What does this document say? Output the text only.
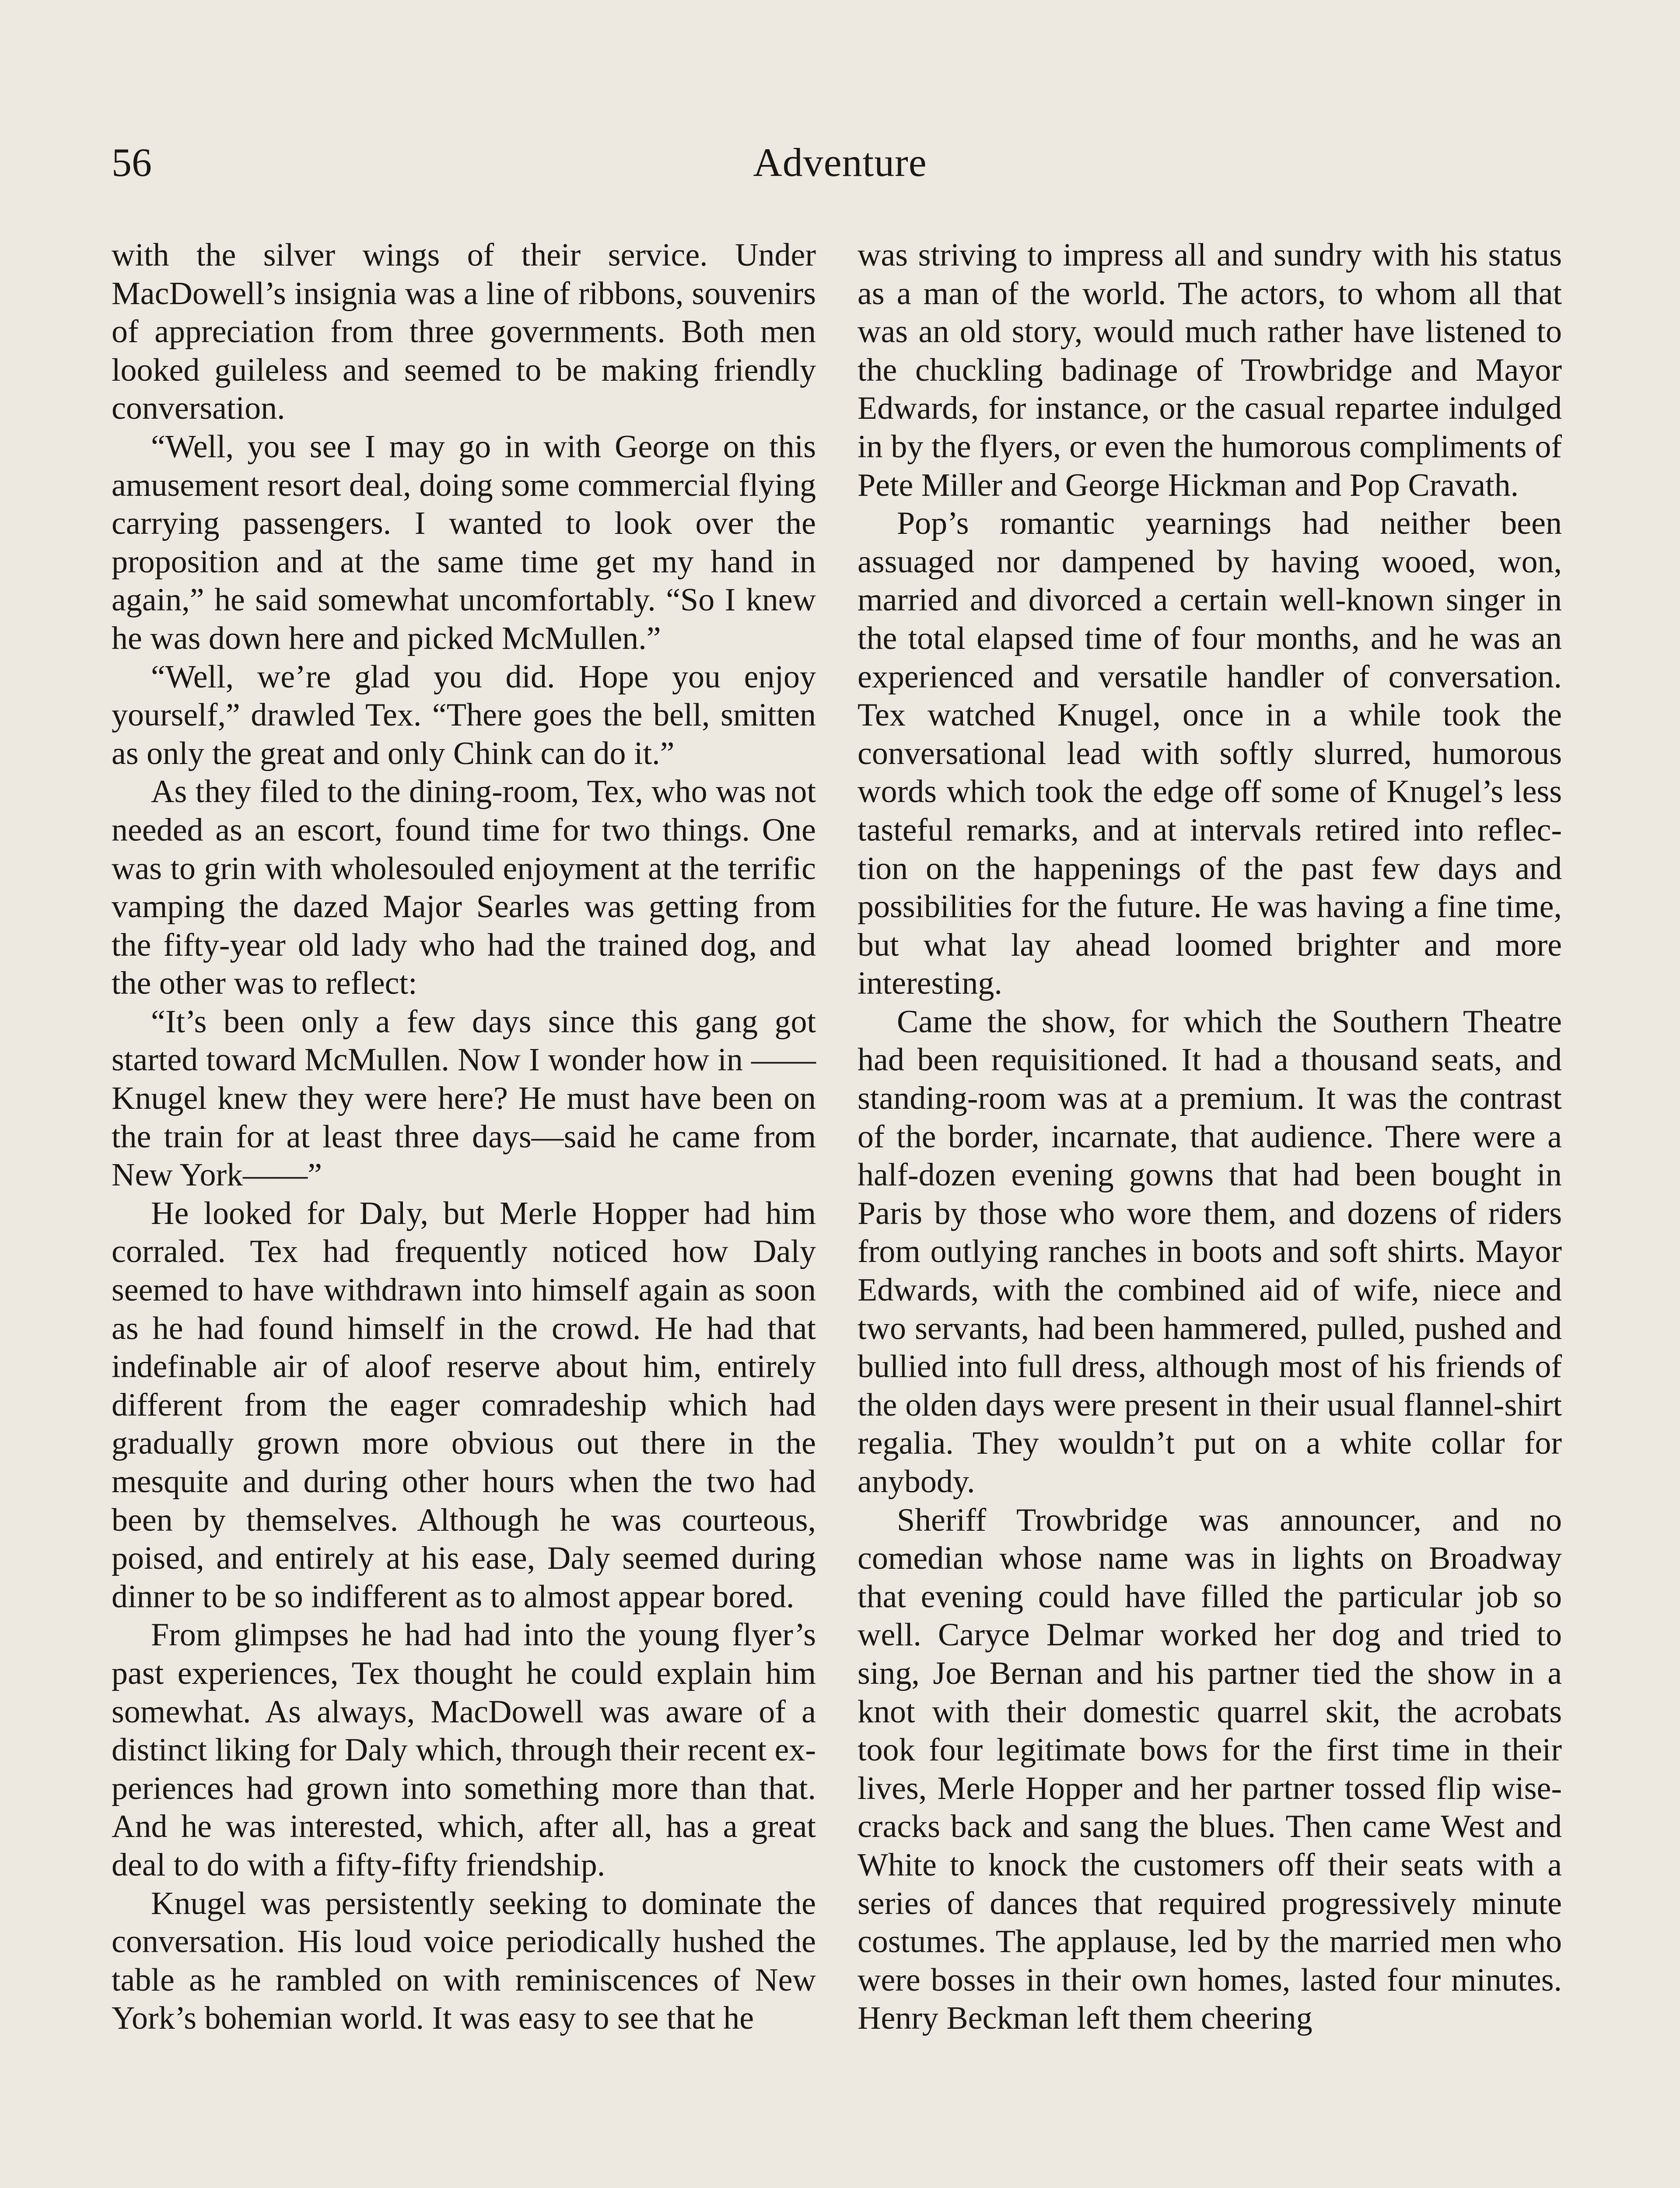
56	Adventure

with the silver wings of their service. Under MacDowell’s insignia was a line of ribbons, souvenirs of appreciation from three governments. Both men looked guileless and seemed to be making friendly conversation.

“Well, you see I may go in with George on this amusement resort deal, doing some commercial flying carrying passengers. I wanted to look over the proposition and at the same time get my hand in again,” he said somewhat uncomfortably. “So I knew he was down here and picked McMullen.”

“Well, we’re glad you did. Hope you enjoy yourself,” drawled Tex. “There goes the bell, smitten as only the great and only Chink can do it.”

As they filed to the dining-room, Tex, who was not needed as an escort, found time for two things. One was to grin with wholesouled enjoyment at the terrific vamping the dazed Major Searles was getting from the fifty-year old lady who had the trained dog, and the other was to reflect:

“It’s been only a few days since this gang got started toward McMullen. Now I wonder how in —— Knugel knew they were here? He must have been on the train for at least three days—said he came from New York——”

He looked for Daly, but Merle Hopper had him corraled. Tex had frequently noticed how Daly seemed to have withdrawn into himself again as soon as he had found himself in the crowd. He had that indefinable air of aloof reserve about him, entirely different from the eager comradeship which had gradually grown more obvious out there in the mesquite and during other hours when the two had been by themselves. Although he was courteous, poised, and entirely at his ease, Daly seemed during dinner to be so indifferent as to almost appear bored.

From glimpses he had had into the young flyer’s past experiences, Tex thought he could explain him somewhat. As always, MacDowell was aware of a distinct liking for Daly which, through their recent experiences had grown into something more than that. And he was interested, which, after all, has a great deal to do with a fifty-fifty friendship.

Knugel was persistently seeking to dominate the conversation. His loud voice periodically hushed the table as he rambled on with reminiscences of New York’s bohemian world. It was easy to see that he

was striving to impress all and sundry with his status as a man of the world. The actors, to whom all that was an old story, would much rather have listened to the chuckling badinage of Trowbridge and Mayor Edwards, for instance, or the casual repartee indulged in by the flyers, or even the humorous compliments of Pete Miller and George Hickman and Pop Cravath.

Pop’s romantic yearnings had neither been assuaged nor dampened by having wooed, won, married and divorced a certain well-known singer in the total elapsed time of four months, and he was an experienced and versatile handler of conversation. Tex watched Knugel, once in a while took the conversational lead with softly slurred, humorous words which took the edge off some of Knugel’s less tasteful remarks, and at intervals retired into reflection on the happenings of the past few days and possibilities for the future. He was having a fine time, but what lay ahead loomed brighter and more interesting.

Came the show, for which the Southern Theatre had been requisitioned. It had a thousand seats, and standing-room was at a premium. It was the contrast of the border, incarnate, that audience. There were a half-dozen evening gowns that had been bought in Paris by those who wore them, and dozens of riders from outlying ranches in boots and soft shirts. Mayor Edwards, with the combined aid of wife, niece and two servants, had been hammered, pulled, pushed and bullied into full dress, although most of his friends of the olden days were present in their usual flannel-shirt regalia. They wouldn’t put on a white collar for anybody.

Sheriff Trowbridge was announcer, and no comedian whose name was in lights on Broadway that evening could have filled the particular job so well. Caryce Delmar worked her dog and tried to sing, Joe Bernan and his partner tied the show in a knot with their domestic quarrel skit, the acrobats took four legitimate bows for the first time in their lives, Merle Hopper and her partner tossed flip wise-cracks back and sang the blues. Then came West and White to knock the customers off their seats with a series of dances that required progressively minute costumes. The applause, led by the married men who were bosses in their own homes, lasted four minutes. Henry Beckman left them cheering
